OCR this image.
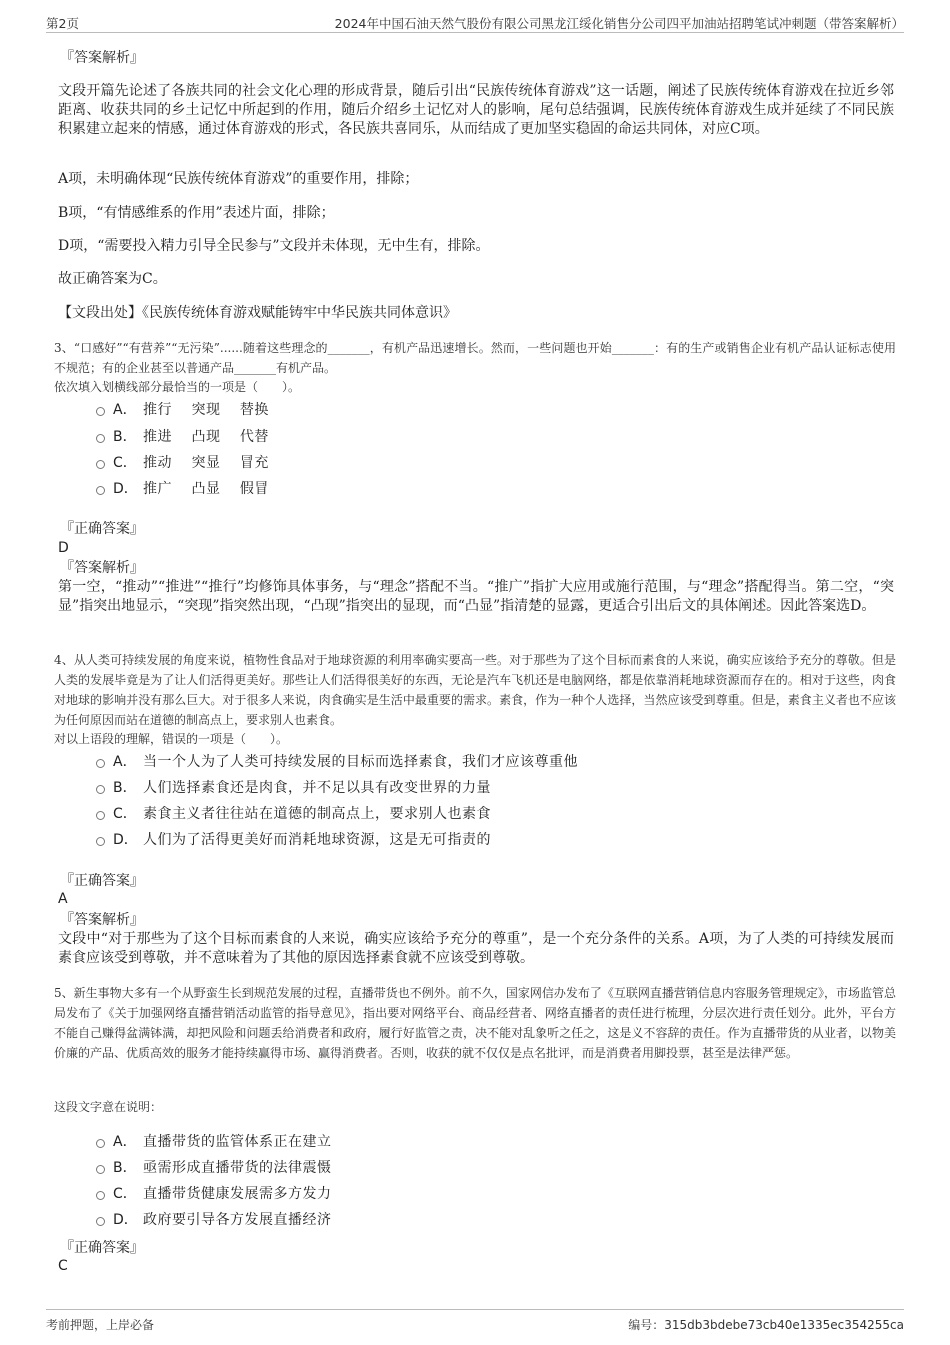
第2页	2024年中国石油天然气股份有限公司黑龙江绥化销售分公司四平加油站招聘笔试冲刺题（带答案解析）
『答案解析』

文段开篇先论述了各族共同的社会文化心理的形成背景，随后引出“民族传统体育游戏”这一话题，阐述了民族传统体育游戏在拉近乡邻距离、收获共同的乡土记忆中所起到的作用，随后介绍乡土记忆对人的影响，尾句总结强调，民族传统体育游戏生成并延续了不同民族积累建立起来的情感，通过体育游戏的形式，各民族共喜同乐，从而结成了更加坚实稳固的命运共同体，对应C项。

A项，未明确体现“民族传统体育游戏”的重要作用，排除；

B项，“有情感维系的作用”表述片面，排除；

D项，“需要投入精力引导全民参与”文段并未体现，无中生有，排除。

故正确答案为C。

【文段出处】《民族传统体育游戏赋能铸牢中华民族共同体意识》

3、“口感好”“有营养”“无污染”......随着这些理念的_______，有机产品迅速增长。然而，一些问题也开始_______：有的生产或销售企业有机产品认证标志使用不规范；有的企业甚至以普通产品_______有机产品。

依次填入划横线部分最恰当的一项是（　　）。

A． 推行　 突现　 替换
B． 推进　 凸现　 代替
C． 推动　 突显　 冒充
D． 推广　 凸显　 假冒
『正确答案』
D
『答案解析』

第一空，“推动”“推进”“推行”均修饰具体事务，与“理念”搭配不当。“推广”指扩大应用或施行范围，与“理念”搭配得当。第二空，“突显”指突出地显示，“突现”指突然出现，“凸现”指突出的显现，而“凸显”指清楚的显露，更适合引出后文的具体阐述。因此答案选D。

4、从人类可持续发展的角度来说，植物性食品对于地球资源的利用率确实要高一些。对于那些为了这个目标而素食的人来说，确实应该给予充分的尊敬。但是人类的发展毕竟是为了让人们活得更美好。那些让人们活得很美好的东西，无论是汽车飞机还是电脑网络，都是依靠消耗地球资源而存在的。相对于这些，肉食对地球的影响并没有那么巨大。对于很多人来说，肉食确实是生活中最重要的需求。素食，作为一种个人选择，当然应该受到尊重。但是，素食主义者也不应该为任何原因而站在道德的制高点上，要求别人也素食。

对以上语段的理解，错误的一项是（　　）。

A． 当一个人为了人类可持续发展的目标而选择素食，我们才应该尊重他
B． 人们选择素食还是肉食，并不足以具有改变世界的力量
C． 素食主义者往往站在道德的制高点上，要求别人也素食
D． 人们为了活得更美好而消耗地球资源，这是无可指责的
『正确答案』
A
『答案解析』

文段中“对于那些为了这个目标而素食的人来说，确实应该给予充分的尊重”，是一个充分条件的关系。A项，为了人类的可持续发展而素食应该受到尊敬，并不意味着为了其他的原因选择素食就不应该受到尊敬。

5、新生事物大多有一个从野蛮生长到规范发展的过程，直播带货也不例外。前不久，国家网信办发布了《互联网直播营销信息内容服务管理规定》，市场监管总局发布了《关于加强网络直播营销活动监管的指导意见》，指出要对网络平台、商品经营者、网络直播者的责任进行梳理，分层次进行责任划分。此外，平台方不能自己赚得盆满钵满，却把风险和问题丢给消费者和政府，履行好监管之责，决不能对乱象听之任之，这是义不容辞的责任。作为直播带货的从业者，以物美价廉的产品、优质高效的服务才能持续赢得市场、赢得消费者。否则，收获的就不仅仅是点名批评，而是消费者用脚投票，甚至是法律严惩。

这段文字意在说明：

A． 直播带货的监管体系正在建立
B． 亟需形成直播带货的法律震慑
C． 直播带货健康发展需多方发力
D． 政府要引导各方发展直播经济
『正确答案』
C
考前押题，上岸必备	编号：315db3bdebe73cb40e1335ec354255ca
